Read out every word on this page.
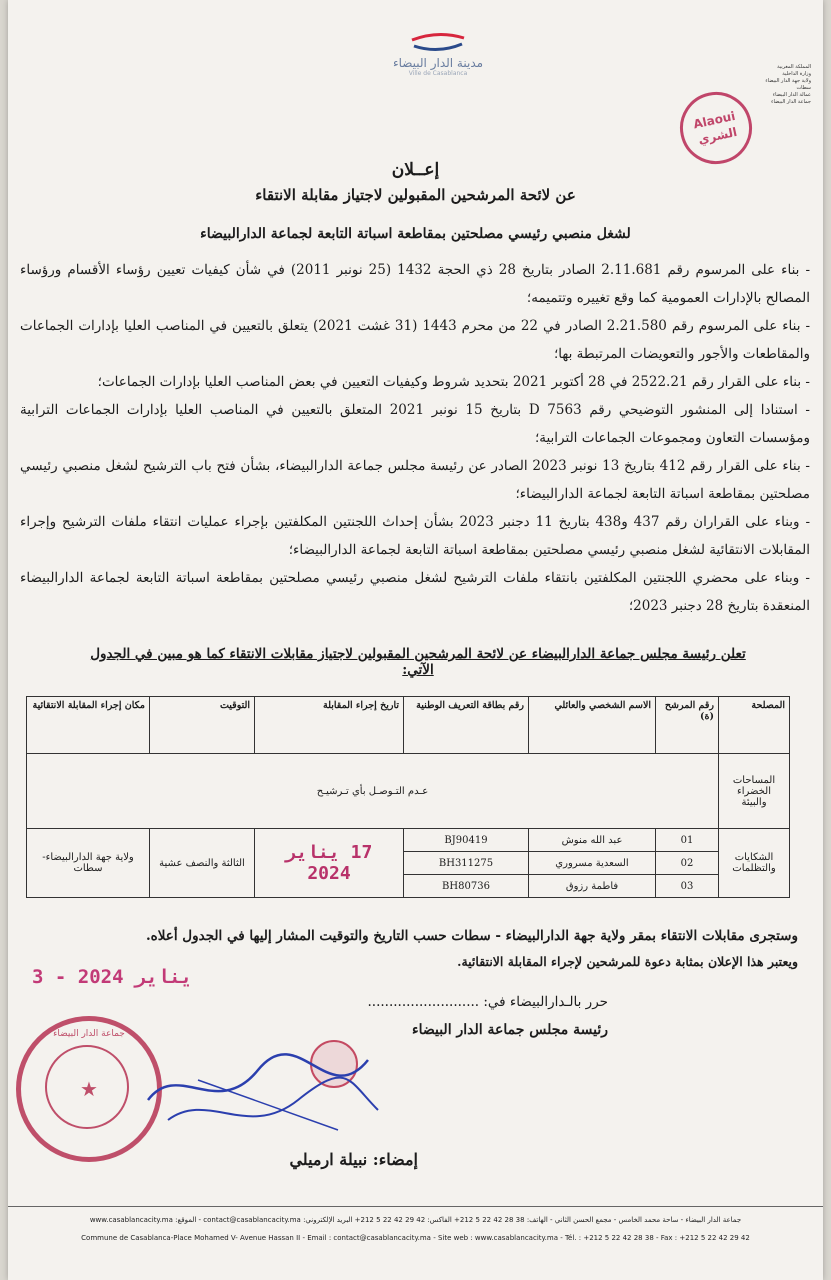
مدينة الدار البيضاء
Ville de Casablanca
المملكة المغربية
وزارة الداخلية
ولاية جهة الدار البيضاء سطات
عمالة الدار البيضاء
جماعة الدار البيضاء
Alaoui
الشري
إعــلان
عن لائحة المرشحين المقبولين لاجتياز مقابلة الانتقاء
لشغل منصبي رئيسي مصلحتين بمقاطعة اسباتة التابعة لجماعة الدارالبيضاء

- بناء على المرسوم رقم 2.11.681 الصادر بتاريخ 28 ذي الحجة 1432 (25 نونبر 2011) في شأن كيفيات تعيين رؤساء الأقسام ورؤساء المصالح بالإدارات العمومية كما وقع تغييره وتتميمه؛

- بناء على المرسوم رقم 2.21.580 الصادر في 22 من محرم 1443 (31 غشت 2021) يتعلق بالتعيين في المناصب العليا بإدارات الجماعات والمقاطعات والأجور والتعويضات المرتبطة بها؛

- بناء على القرار رقم 2522.21 في 28 أكتوبر 2021 بتحديد شروط وكيفيات التعيين في بعض المناصب العليا بإدارات الجماعات؛

- استنادا إلى المنشور التوضيحي رقم D 7563 بتاريخ 15 نونبر 2021 المتعلق بالتعيين في المناصب العليا بإدارات الجماعات الترابية ومؤسسات التعاون ومجموعات الجماعات الترابية؛

- بناء على القرار رقم 412 بتاريخ 13 نونبر 2023 الصادر عن رئيسة مجلس جماعة الدارالبيضاء، بشأن فتح باب الترشيح لشغل منصبي رئيسي مصلحتين بمقاطعة اسباتة التابعة لجماعة الدارالبيضاء؛

- وبناء على القراران رقم 437 و438 بتاريخ 11 دجنبر 2023 بشأن إحداث اللجنتين المكلفتين بإجراء عمليات انتقاء ملفات الترشيح وإجراء المقابلات الانتقائية لشغل منصبي رئيسي مصلحتين بمقاطعة اسباتة التابعة لجماعة الدارالبيضاء؛

- وبناء على محضري اللجنتين المكلفتين بانتقاء ملفات الترشيح لشغل منصبي رئيسي مصلحتين بمقاطعة اسباتة التابعة لجماعة الدارالبيضاء المنعقدة بتاريخ 28 دجنبر 2023؛

تعلن رئيسة مجلس جماعة الدارالبيضاء عن لائحة المرشحين المقبولين لاجتياز مقابلات الانتقاء كما هو مبين في الجدول الآتي:
المصلحة	رقم المرشح (ة)	الاسم الشخصي والعائلي	رقم بطاقة التعريف الوطنية	تاريخ إجراء المقابلة	التوقيت	مكان إجراء المقابلة الانتقائية
المساحات الخضراء والبيئة	عـدم التـوصـل بأي تـرشيـح					
الشكايات والتظلمات	01	عبد الله منوش	BJ90419	17 يناير 2024	الثالثة والنصف عشية	ولاية جهة الدارالبيضاء- سطات
	02	السعدية مسروري	BH311275			
	03	فاطمة رزوق	BH80736			
وستجرى مقابلات الانتقاء بمقر ولاية جهة الدارالبيضاء - سطات حسب التاريخ والتوقيت المشار إليها في الجدول أعلاه.
ويعتبر هذا الإعلان بمثابة دعوة للمرشحين لإجراء المقابلة الانتقائية.
3 - يناير 2024
حرر بالـدارالبيضاء في: ..........................
رئيسة مجلس جماعة الدار البيضاء
إمضاء: نبيلة ارميلي
جماعة الدار البيضاء
★
جماعة الدار البيضاء - ساحة محمد الخامس - مجمع الحسن الثاني - الهاتف: 38 28 42 22 5 212+ الفاكس: 42 29 42 22 5 212+ البريد الإلكتروني: contact@casablancacity.ma - الموقع: www.casablancacity.ma
Commune de Casablanca-Place Mohamed V- Avenue Hassan II - Email : contact@casablancacity.ma - Site web : www.casablancacity.ma - Tél. : +212 5 22 42 28 38 - Fax : +212 5 22 42 29 42
